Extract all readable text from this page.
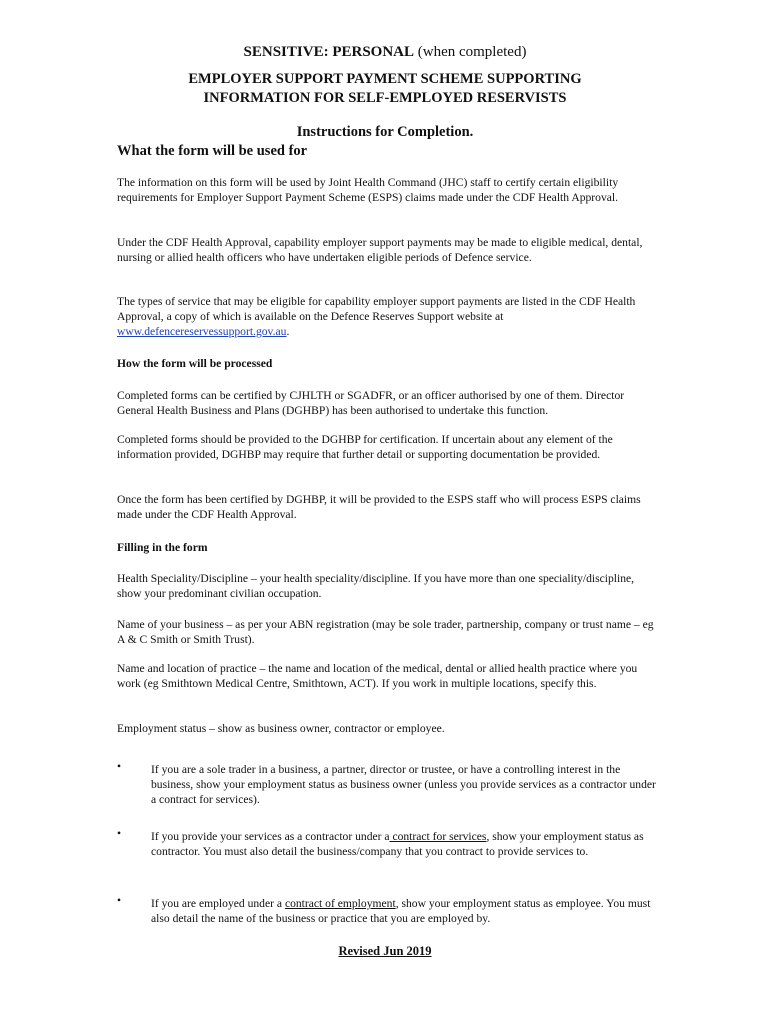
SENSITIVE: PERSONAL (when completed)
EMPLOYER SUPPORT PAYMENT SCHEME SUPPORTING
INFORMATION FOR SELF-EMPLOYED RESERVISTS
Instructions for Completion.
What the form will be used for
The information on this form will be used by Joint Health Command (JHC) staff to certify certain eligibility requirements for Employer Support Payment Scheme (ESPS) claims made under the CDF Health Approval.
Under the CDF Health Approval, capability employer support payments may be made to eligible medical, dental, nursing or allied health officers who have undertaken eligible periods of Defence service.
The types of service that may be eligible for capability employer support payments are listed in the CDF Health Approval, a copy of which is available on the Defence Reserves Support website at www.defencereservessupport.gov.au.
How the form will be processed
Completed forms can be certified by CJHLTH or SGADFR, or an officer authorised by one of them. Director General Health Business and Plans (DGHBP) has been authorised to undertake this function.
Completed forms should be provided to the DGHBP for certification. If uncertain about any element of the information provided, DGHBP may require that further detail or supporting documentation be provided.
Once the form has been certified by DGHBP, it will be provided to the ESPS staff who will process ESPS claims made under the CDF Health Approval.
Filling in the form
Health Speciality/Discipline – your health speciality/discipline. If you have more than one speciality/discipline, show your predominant civilian occupation.
Name of your business – as per your ABN registration (may be sole trader, partnership, company or trust name – eg A & C Smith or Smith Trust).
Name and location of practice – the name and location of the medical, dental or allied health practice where you work (eg Smithtown Medical Centre, Smithtown, ACT). If you work in multiple locations, specify this.
Employment status – show as business owner, contractor or employee.
•	If you are a sole trader in a business, a partner, director or trustee, or have a controlling interest in the business, show your employment status as business owner (unless you provide services as a contractor under a contract for services).
•	If you provide your services as a contractor under a contract for services, show your employment status as contractor. You must also detail the business/company that you contract to provide services to.
•	If you are employed under a contract of employment, show your employment status as employee. You must also detail the name of the business or practice that you are employed by.
Revised Jun 2019
